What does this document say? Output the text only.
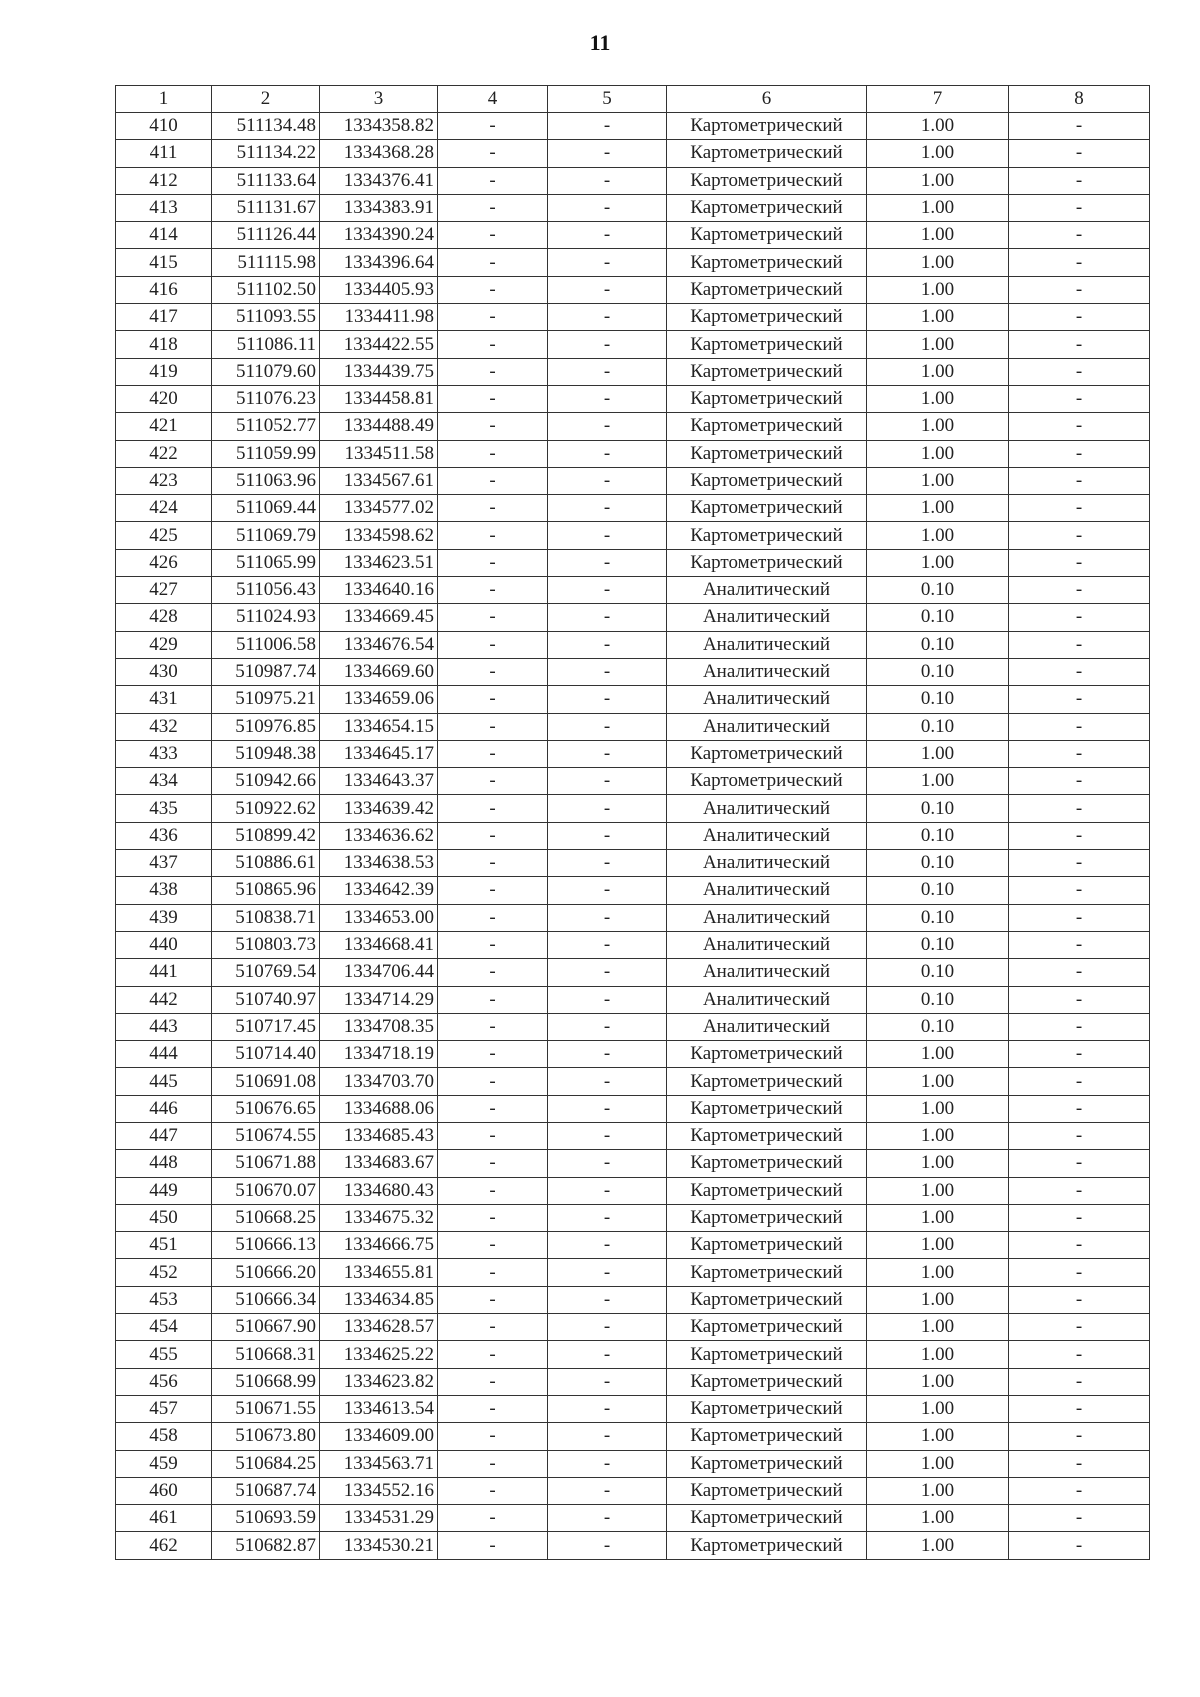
11
1	2	3	4	5	6	7	8
410	511134.48	1334358.82	-	-	Картометрический	1.00	-
411	511134.22	1334368.28	-	-	Картометрический	1.00	-
412	511133.64	1334376.41	-	-	Картометрический	1.00	-
413	511131.67	1334383.91	-	-	Картометрический	1.00	-
414	511126.44	1334390.24	-	-	Картометрический	1.00	-
415	511115.98	1334396.64	-	-	Картометрический	1.00	-
416	511102.50	1334405.93	-	-	Картометрический	1.00	-
417	511093.55	1334411.98	-	-	Картометрический	1.00	-
418	511086.11	1334422.55	-	-	Картометрический	1.00	-
419	511079.60	1334439.75	-	-	Картометрический	1.00	-
420	511076.23	1334458.81	-	-	Картометрический	1.00	-
421	511052.77	1334488.49	-	-	Картометрический	1.00	-
422	511059.99	1334511.58	-	-	Картометрический	1.00	-
423	511063.96	1334567.61	-	-	Картометрический	1.00	-
424	511069.44	1334577.02	-	-	Картометрический	1.00	-
425	511069.79	1334598.62	-	-	Картометрический	1.00	-
426	511065.99	1334623.51	-	-	Картометрический	1.00	-
427	511056.43	1334640.16	-	-	Аналитический	0.10	-
428	511024.93	1334669.45	-	-	Аналитический	0.10	-
429	511006.58	1334676.54	-	-	Аналитический	0.10	-
430	510987.74	1334669.60	-	-	Аналитический	0.10	-
431	510975.21	1334659.06	-	-	Аналитический	0.10	-
432	510976.85	1334654.15	-	-	Аналитический	0.10	-
433	510948.38	1334645.17	-	-	Картометрический	1.00	-
434	510942.66	1334643.37	-	-	Картометрический	1.00	-
435	510922.62	1334639.42	-	-	Аналитический	0.10	-
436	510899.42	1334636.62	-	-	Аналитический	0.10	-
437	510886.61	1334638.53	-	-	Аналитический	0.10	-
438	510865.96	1334642.39	-	-	Аналитический	0.10	-
439	510838.71	1334653.00	-	-	Аналитический	0.10	-
440	510803.73	1334668.41	-	-	Аналитический	0.10	-
441	510769.54	1334706.44	-	-	Аналитический	0.10	-
442	510740.97	1334714.29	-	-	Аналитический	0.10	-
443	510717.45	1334708.35	-	-	Аналитический	0.10	-
444	510714.40	1334718.19	-	-	Картометрический	1.00	-
445	510691.08	1334703.70	-	-	Картометрический	1.00	-
446	510676.65	1334688.06	-	-	Картометрический	1.00	-
447	510674.55	1334685.43	-	-	Картометрический	1.00	-
448	510671.88	1334683.67	-	-	Картометрический	1.00	-
449	510670.07	1334680.43	-	-	Картометрический	1.00	-
450	510668.25	1334675.32	-	-	Картометрический	1.00	-
451	510666.13	1334666.75	-	-	Картометрический	1.00	-
452	510666.20	1334655.81	-	-	Картометрический	1.00	-
453	510666.34	1334634.85	-	-	Картометрический	1.00	-
454	510667.90	1334628.57	-	-	Картометрический	1.00	-
455	510668.31	1334625.22	-	-	Картометрический	1.00	-
456	510668.99	1334623.82	-	-	Картометрический	1.00	-
457	510671.55	1334613.54	-	-	Картометрический	1.00	-
458	510673.80	1334609.00	-	-	Картометрический	1.00	-
459	510684.25	1334563.71	-	-	Картометрический	1.00	-
460	510687.74	1334552.16	-	-	Картометрический	1.00	-
461	510693.59	1334531.29	-	-	Картометрический	1.00	-
462	510682.87	1334530.21	-	-	Картометрический	1.00	-
